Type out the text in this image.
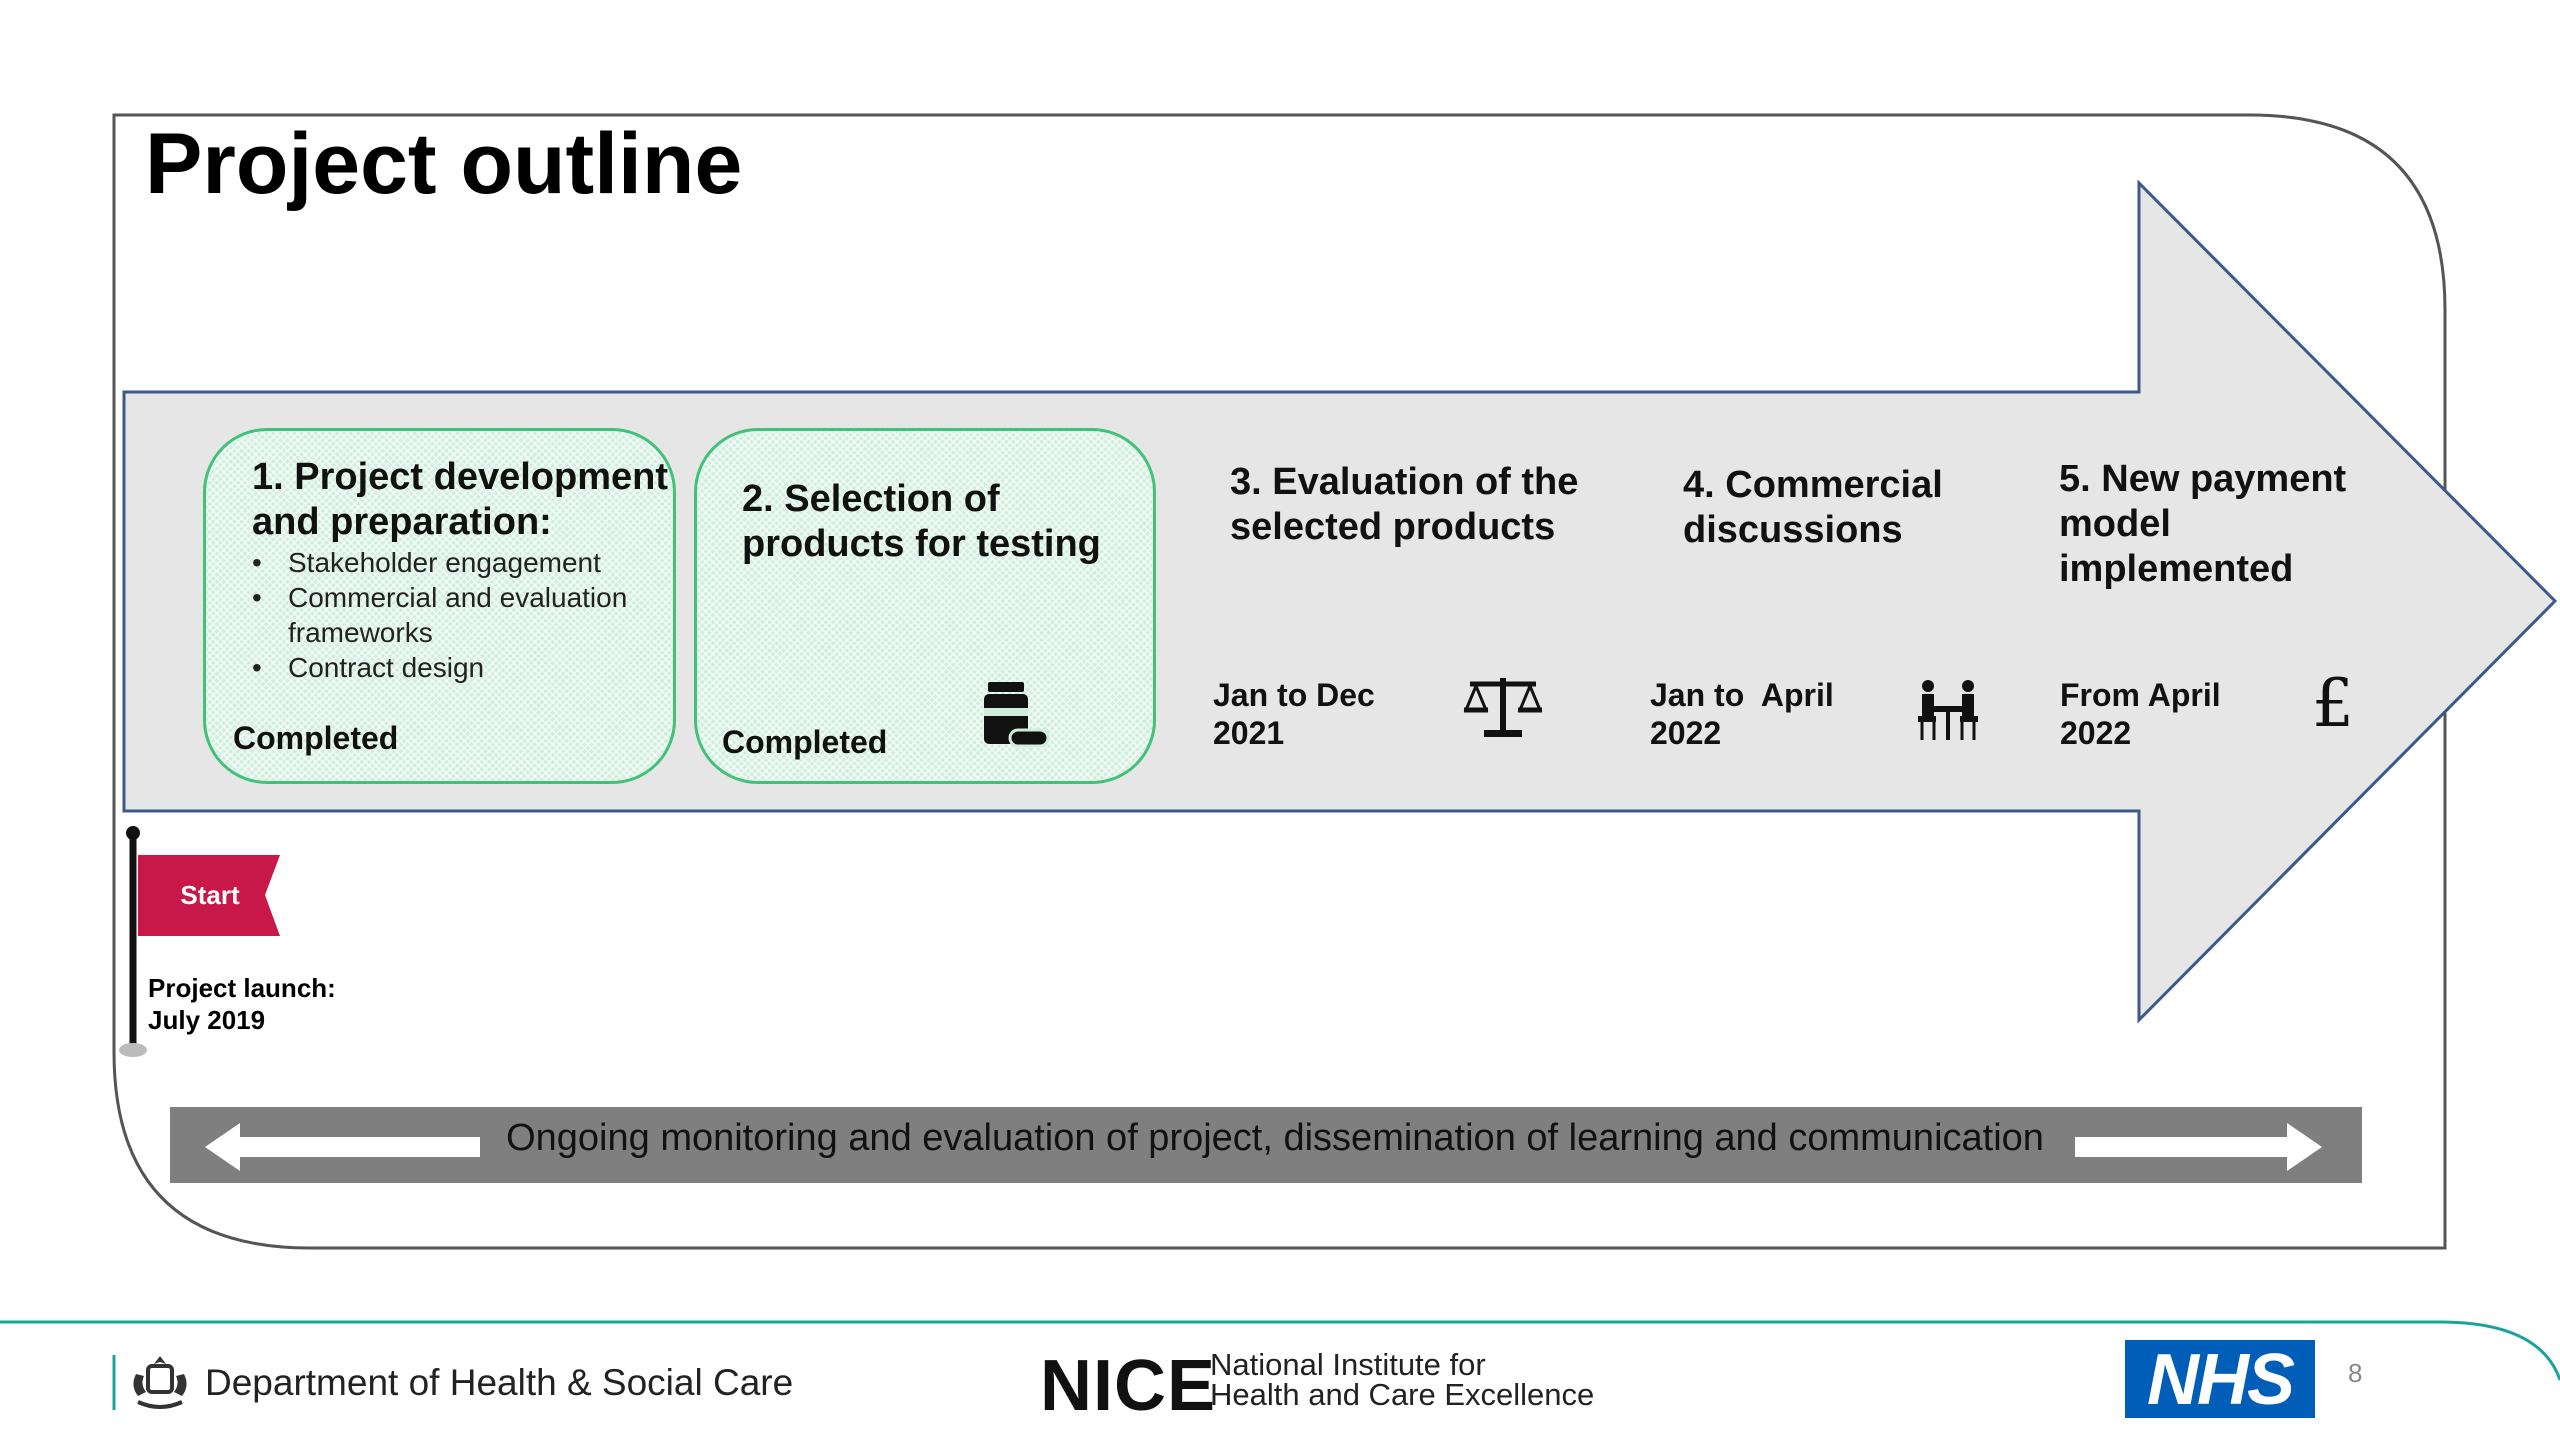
Project outline
1. Project development
and preparation:
• Stakeholder engagement
• Commercial and evaluation
frameworks
• Contract design
Completed
2. Selection of
products for testing
Completed
3. Evaluation of the
selected products
Jan to Dec
2021
4. Commercial
discussions
Jan to  April
2022
5. New payment
model
implemented
From April
2022	£
Start
Project launch:
July 2019
Ongoing monitoring and evaluation of project, dissemination of learning and communication
Department of Health & Social Care	NICE
National Institute for
Health and Care Excellence	NHS	8
